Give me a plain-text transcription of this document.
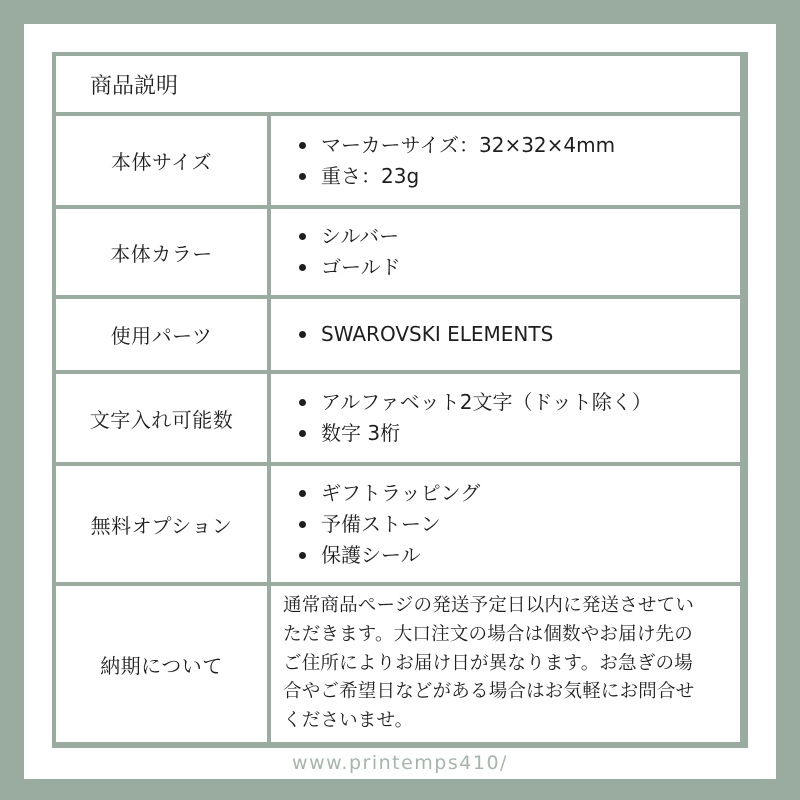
商品説明
本体サイズ
マーカーサイズ：32×32×4mm
重さ：23g
本体カラー
シルバー
ゴールド
使用パーツ	SWAROVSKI ELEMENTS
文字入れ可能数
アルファベット2文字（ドット除く）
数字 3桁
無料オプション
ギフトラッピング
予備ストーン
保護シール
納期について
通常商品ページの発送予定日以内に発送させてい
ただきます。大口注文の場合は個数やお届け先の
ご住所によりお届け日が異なります。お急ぎの場
合やご希望日などがある場合はお気軽にお問合せ
くださいませ。
www.printemps410/
